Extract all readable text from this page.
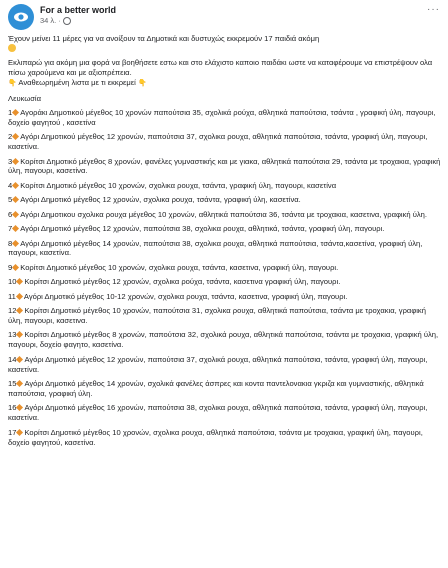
For a better world
34 λ. ·
···

Έχουν μείνει 11 μέρες για να ανοίξουν τα Δημοτικά και δυστυχώς εκκρεμούν 17 παιδιά ακόμη

Εκλιπαρώ για ακόμη μια φορά να βοηθήσετε εστω και στο ελάχιστο καποιο παιδάκι ωστε να καταφέρουμε να επιστρέψουν ολα πίσω χαρούμενα και με αξιοπρέπεια.

👇 Αναθεωρημένη λιστα με τι εκκρεμεί 👇

Λευκωσία

1 Αγοράκι Δημοτικού μέγεθος 10 χρονών παπούτσια 35, σχολικά ρούχα, αθλητικά παπούτσια, τσάντα , γραφική ύλη, παγουρι, δοχείο φαγητού , κασετίνα

2 Αγόρι Δημοτικού μέγεθος 12 χρονών, παπούτσια 37, σχολικα ρουχα, αθλητικά παπούτσια, τσάντα, γραφική ύλη, παγουρι, κασετίνα.

3 Κορίτσι Δημοτικό μέγεθος 8 χρονών, φανέλες γυμναστικής και με γιακα, αθλητικά παπούτσια 29, τσάντα με τροχακια, γραφική ύλη, παγουρι, κασετίνα.

4 Κορίτσι Δημοτικό μέγεθος 10 χρονών, σχολικα ρουχα, τσάντα, γραφική ύλη, παγουρι, κασετίνα

5 Αγόρι Δημοτικό μέγεθος 12 χρονών, σχολικα ρουχα, τσάντα, γραφική ύλη, κασετίνα.

6 Αγόρι Δημοτικου σχολικα ρουχα μέγεθος 10 χρονών, αθλητικά παπούτσια 36, τσάντα με τροχακια, κασετινα, γραφική ύλη.

7 Αγόρι Δημοτικό μέγεθος 12 χρονών, παπούτσια 38, σχολικα ρουχα, αθλητικά, τσάντα, γραφική ύλη, παγουρι.

8 Αγόρι Δημοτικό μέγεθος 14 χρονών, παπούτσια 38, σχολικα ρουχα, αθλητικά παπούτσια, τσάντα,κασετίνα, γραφική ύλη, παγουρι, κασετίνα.

9 Κορίτσι Δημοτικό μέγεθος 10 χρονών, σχολικα ρουχα, τσάντα, κασετινα, γραφική ύλη, παγουρι.

10 Κορίτσι Δημοτικό μέγεθος 12 χρονών, σχολικα ρούχα, τσάντα, κασετινα γραφική ύλη, παγουρι.

11 Αγόρι Δημοτικό μέγεθος 10-12 χρονών, σχολικα ρουχα, τσάντα, κασετινα, γραφική ύλη, παγουρι.

12 Κορίτσι Δημοτικό μέγεθος 10 χρονών, παπούτσια 31, σχολικα ρουχα, αθλητικά παπούτσια, τσάντα με τροχακια, γραφική ύλη, παγουρι, κασετινα.

13 Κορίτσι Δημοτικό μέγεθος 8 χρονών, παπούτσια 32, σχολικά ρουχα, αθλητικά παπούτσια, τσάντα με τροχακια, γραφική ύλη, παγουρι, δοχείο φαγητο, κασετίνα.

14 Αγόρι Δημοτικό μέγεθος 12 χρονών, παπούτσια 37, σχολικά ρουχα, αθλητικά παπούτσια, τσάντα, γραφική ύλη, παγουρι, κασετίνα.

15 Αγόρι Δημοτικό μέγεθος 14 χρονών, σχολικά φανέλες άσπρες και κοντα παντελονακια γκριζα και γυμναστικής, αθλητικά παπούτσια, γραφική ύλη.

16 Αγόρι Δημοτικό μέγεθος 16 χρονών, παπούτσια 38, σχολικα ρουχα, αθλητικά παπούτσια, τσάντα, γραφική ύλη, παγουρι, κασετίνα.

17 Κορίτσι Δημοτικό μέγεθος 10 χρονών, σχολικα ρουχα, αθλητικά παπούτσια, τσάντα με τροχακια, γραφική ύλη, παγουρι, δοχείο φαγητού, κασετίνα.
